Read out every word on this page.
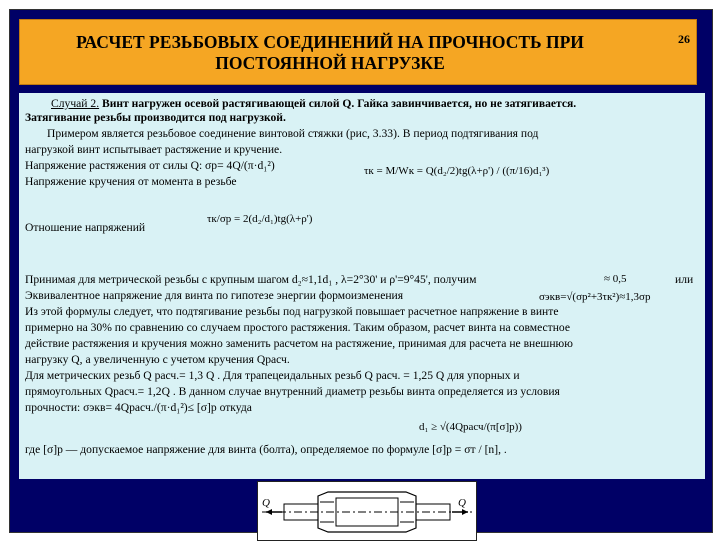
РАСЧЕТ РЕЗЬБОВЫХ СОЕДИНЕНИЙ НА ПРОЧНОСТЬ ПРИ ПОСТОЯННОЙ НАГРУЗКЕ
26
Случай 2. Винт нагружен осевой растягивающей силой Q. Гайка завинчивается, но не затягивается.
Затягивание резьбы производится под нагрузкой.
Примером является резьбовое соединение винтовой стяжки (рис, 3.33). В период подтягивания под
нагрузкой винт испытывает растяжение и кручение.
Напряжение растяжения от силы Q: σр= 4Q/(π·d₁²)
Напряжение кручения от момента в резьбе
τк = M/Wк = Q(d₂/2)tg(λ+ρ') / ((π/16)d₁³)
Отношение напряжений
τк/σр = 2(d₂/d₁)tg(λ+ρ')
Принимая для метрической резьбы с крупным шагом d₂≈1,1d₁ , λ=2°30' и ρ'=9°45', получим	≈ 0,5	или
Эквивалентное напряжение для винта по гипотезе энергии формоизменения
Из этой формулы следует, что подтягивание резьбы под нагрузкой повышает расчетное напряжение в винте
σэкв=√(σр²+3τк²)≈1,3σр
примерно на 30% по сравнению со случаем простого растяжения. Таким образом, расчет винта на совместное
действие растяжения и кручения можно заменить расчетом на растяжение, принимая для расчета не внешнюю
нагрузку Q, а увеличенную с учетом кручения Qрасч.
Для метрических резьб Q расч.= 1,3 Q . Для трапецеидальных резьб Q расч. = 1,25 Q для упорных и
прямоугольных Qрасч.= 1,2Q . В данном случае внутренний диаметр резьбы винта определяется из условия
прочности: σэкв= 4Qрасч./(π·d₁²)≤ [σ]р откуда
d₁ ≥ √(4Qрасч/(π[σ]р))
где [σ]р — допускаемое напряжение для винта (болта), определяемое по формуле [σ]р = σт / [n], .
Q	Q
